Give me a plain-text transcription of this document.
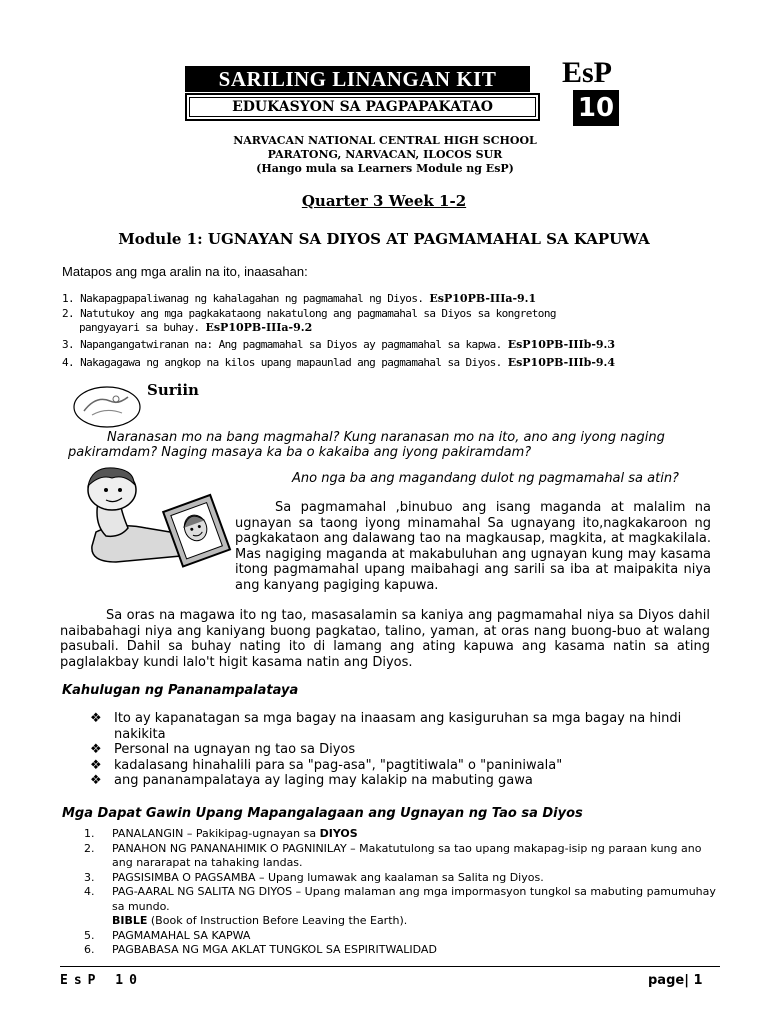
SARILING LINANGAN KIT
EDUKASYON SA PAGPAPAKATAO
EsP
10
NARVACAN NATIONAL CENTRAL HIGH SCHOOL
PARATONG, NARVACAN, ILOCOS SUR
(Hango mula sa Learners Module ng EsP)
Quarter 3 Week 1-2
Module 1: UGNAYAN SA DIYOS AT PAGMAMAHAL SA KAPUWA
Matapos ang mga aralin na ito, inaasahan:
1. Nakapagpapaliwanag ng kahalagahan ng pagmamahal ng Diyos. EsP10PB-IIIa-9.1
2. Natutukoy ang mga pagkakataong nakatulong ang pagmamahal sa Diyos sa kongretong
pangyayari sa buhay. EsP10PB-IIIa-9.2
3. Napangangatwiranan na: Ang pagmamahal sa Diyos ay pagmamahal sa kapwa. EsP10PB-IIIb-9.3
4. Nakagagawa ng angkop na kilos upang mapaunlad ang pagmamahal sa Diyos. EsP10PB-IIIb-9.4
Suriin
Naranasan mo na bang magmahal? Kung naranasan mo na ito, ano ang iyong naging
pakiramdam? Naging masaya ka ba o kakaiba ang iyong pakiramdam?
Ano nga ba ang magandang dulot ng pagmamahal sa atin?
Sa pagmamahal ,binubuo ang isang maganda at malalim na ugnayan sa taong iyong minamahal Sa ugnayang ito,nagkakaroon ng pagkakataon ang dalawang tao na magkausap, magkita, at magkakilala. Mas nagiging maganda at makabuluhan ang ugnayan kung may kasama itong pagmamahal upang maibahagi ang sarili sa iba at maipakita niya ang kanyang pagiging kapuwa.
Sa oras na magawa ito ng tao, masasalamin sa kaniya ang pagmamahal niya sa Diyos dahil naibabahagi niya ang kaniyang buong pagkatao, talino, yaman, at oras nang buong-buo at walang pasubali. Dahil sa buhay nating ito di lamang ang ating kapuwa ang kasama natin sa ating paglalakbay kundi lalo't higit kasama natin ang Diyos.
Kahulugan ng Pananampalataya
❖ Ito ay kapanatagan sa mga bagay na inaasam ang kasiguruhan sa mga bagay na hindi nakikita
❖ Personal na ugnayan ng tao sa Diyos
❖ kadalasang hinahalili para sa "pag-asa", "pagtitiwala" o "paniniwala"
❖ ang pananampalataya ay laging may kalakip na mabuting gawa
Mga Dapat Gawin Upang Mapangalagaan ang Ugnayan ng Tao sa Diyos
1. PANALANGIN – Pakikipag-ugnayan sa DIYOS
2. PANAHON NG PANANAHIMIK O PAGNINILAY – Makatutulong sa tao upang makapag-isip ng paraan kung ano ang nararapat na tahaking landas.
3. PAGSISIMBA O PAGSAMBA – Upang lumawak ang kaalaman sa Salita ng Diyos.
4. PAG-AARAL NG SALITA NG DIYOS – Upang malaman ang mga impormasyon tungkol sa mabuting pamumuhay sa mundo.
BIBLE (Book of Instruction Before Leaving the Earth).
5. PAGMAMAHAL SA KAPWA
6. PAGBABASA NG MGA AKLAT TUNGKOL SA ESPIRITWALIDAD
EsP 10	page| 1
